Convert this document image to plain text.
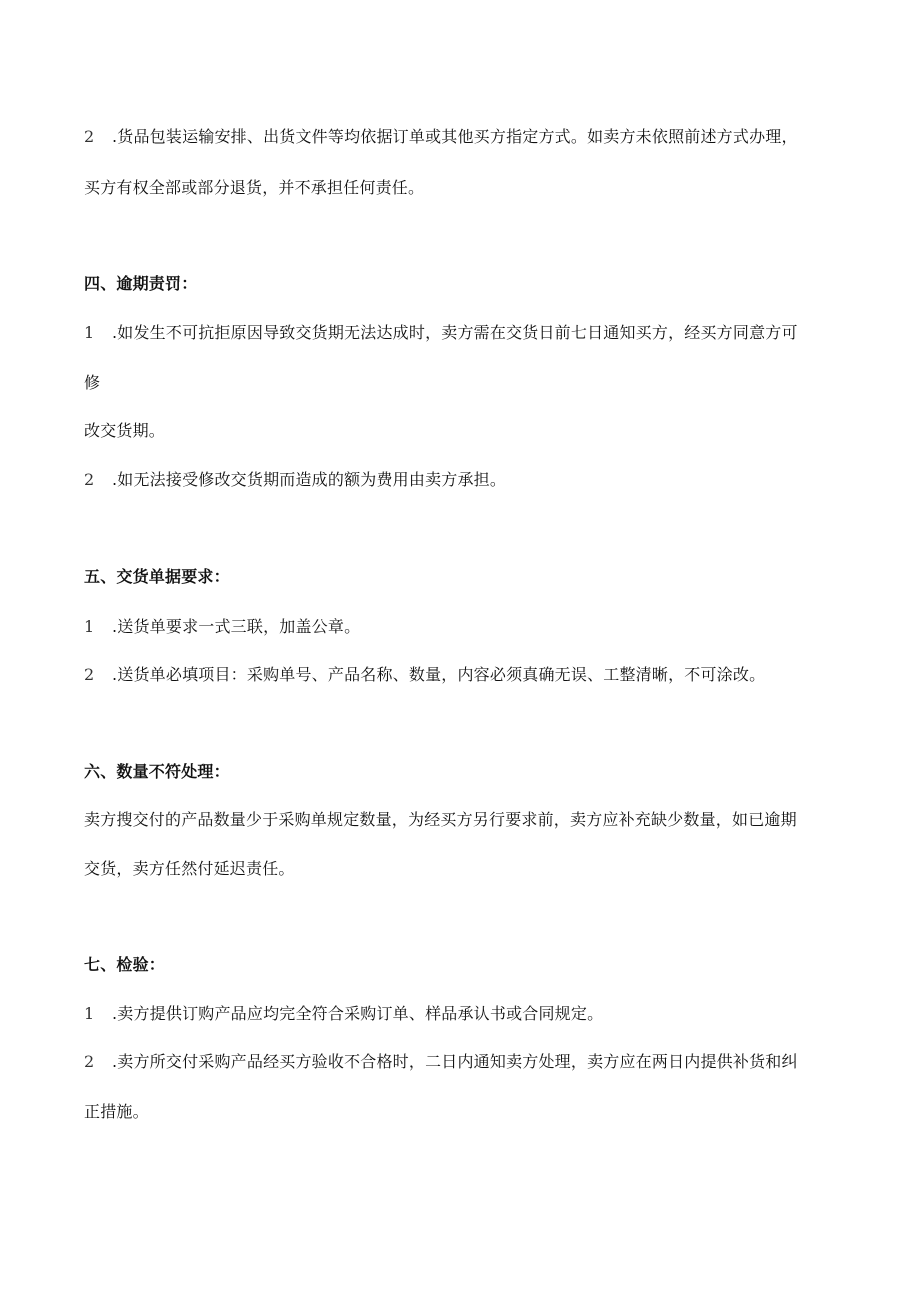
2 .货品包装运输安排、出货文件等均依据订单或其他买方指定方式。如卖方未依照前述方式办理，
买方有权全部或部分退货，并不承担任何责任。
四、逾期责罚：
1 .如发生不可抗拒原因导致交货期无法达成时，卖方需在交货日前七日通知买方，经买方同意方可
修
改交货期。
2 .如无法接受修改交货期而造成的额为费用由卖方承担。
五、交货单据要求：
1 .送货单要求一式三联，加盖公章。
2 .送货单必填项目：采购单号、产品名称、数量，内容必须真确无误、工整清晰，不可涂改。
六、数量不符处理：
卖方搜交付的产品数量少于采购单规定数量，为经买方另行要求前，卖方应补充缺少数量，如已逾期
交货，卖方任然付延迟责任。
七、检验：
1 .卖方提供订购产品应均完全符合采购订单、样品承认书或合同规定。
2 .卖方所交付采购产品经买方验收不合格时，二日内通知卖方处理，卖方应在两日内提供补货和纠
正措施。
